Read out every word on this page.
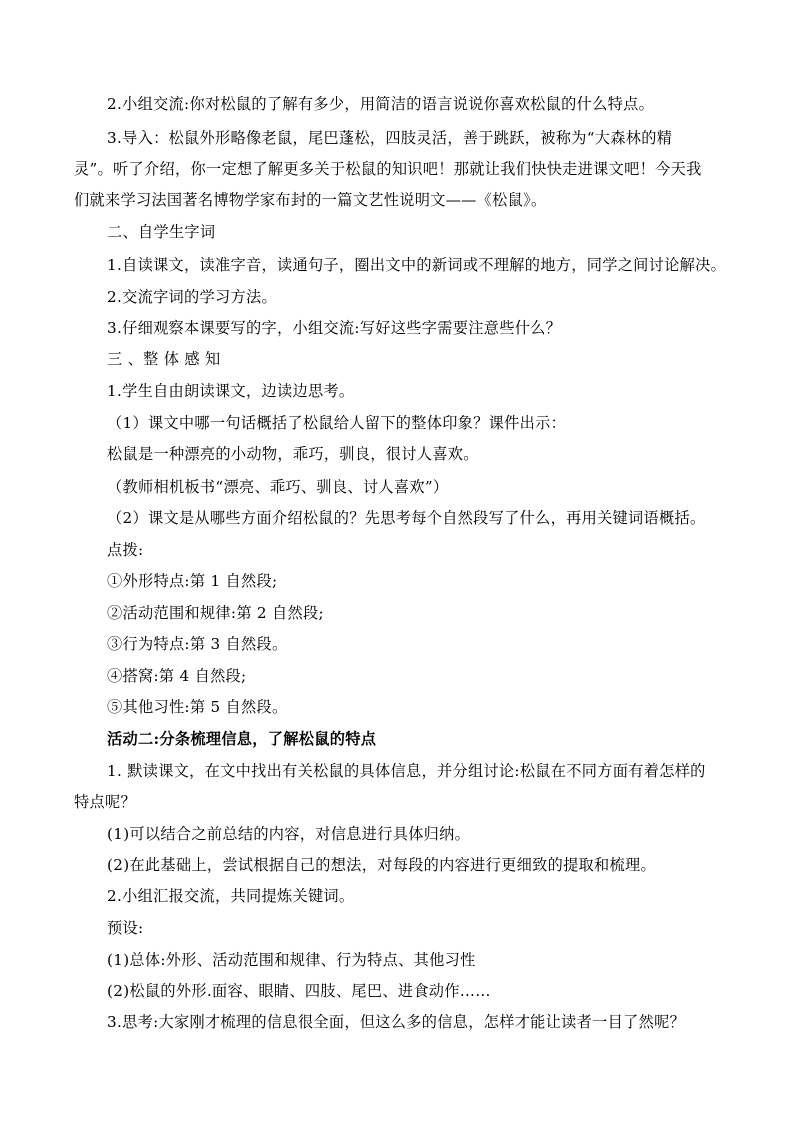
2.小组交流:你对松鼠的了解有多少，用简洁的语言说说你喜欢松鼠的什么特点。
3.导入：松鼠外形略像老鼠，尾巴蓬松，四肢灵活，善于跳跃，被称为“大森林的精
灵”。听了介绍，你一定想了解更多关于松鼠的知识吧！那就让我们快快走进课文吧！今天我
们就来学习法国著名博物学家布封的一篇文艺性说明文——《松鼠》。
二、自学生字词
1.自读课文，读准字音，读通句子，圈出文中的新词或不理解的地方，同学之间讨论解决。
2.交流字词的学习方法。
3.仔细观察本课要写的字，小组交流:写好这些字需要注意些什么？
三 、整 体 感 知
1.学生自由朗读课文，边读边思考。
（1）课文中哪一句话概括了松鼠给人留下的整体印象？课件出示：
松鼠是一种漂亮的小动物，乖巧，驯良，很讨人喜欢。
（教师相机板书“漂亮、乖巧、驯良、讨人喜欢”）
（2）课文是从哪些方面介绍松鼠的？先思考每个自然段写了什么，再用关键词语概括。
点拨:
①外形特点:第 1 自然段;
②活动范围和规律:第 2 自然段;
③行为特点:第 3 自然段。
④搭窝:第 4 自然段;
⑤其他习性:第 5 自然段。
活动二:分条梳理信息，了解松鼠的特点
1. 默读课文，在文中找出有关松鼠的具体信息，并分组讨论:松鼠在不同方面有着怎样的
特点呢？
(1)可以结合之前总结的内容，对信息进行具体归纳。
(2)在此基础上，尝试根据自己的想法，对每段的内容进行更细致的提取和梳理。
2.小组汇报交流，共同提炼关键词。
预设:
(1)总体:外形、活动范围和规律、行为特点、其他习性
(2)松鼠的外形.面容、眼睛、四肢、尾巴、进食动作……
3.思考:大家刚才梳理的信息很全面，但这么多的信息，怎样才能让读者一目了然呢？
